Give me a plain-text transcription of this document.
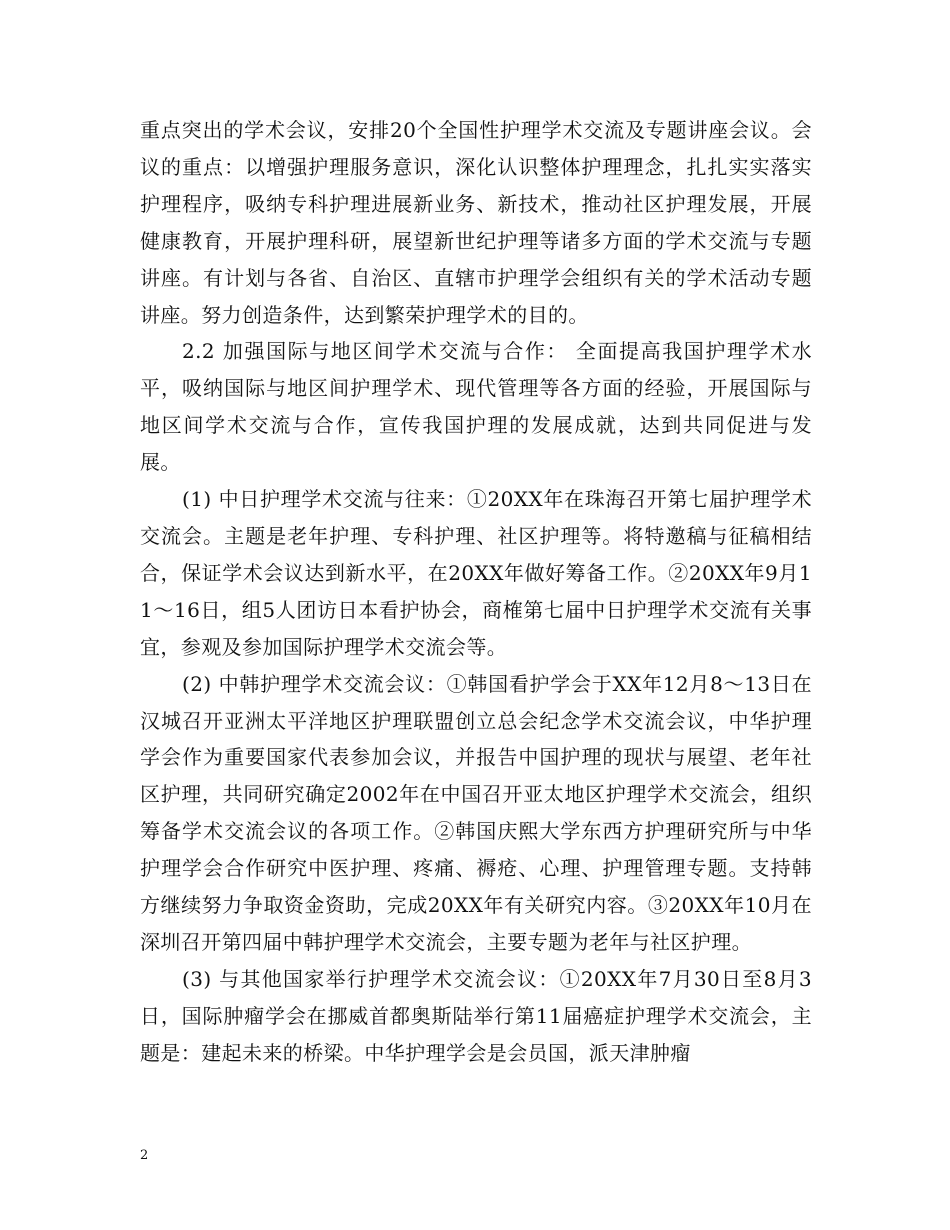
重点突出的学术会议，安排20个全国性护理学术交流及专题讲座会议。会议的重点：以增强护理服务意识，深化认识整体护理理念，扎扎实实落实护理程序，吸纳专科护理进展新业务、新技术，推动社区护理发展，开展健康教育，开展护理科研，展望新世纪护理等诸多方面的学术交流与专题讲座。有计划与各省、自治区、直辖市护理学会组织有关的学术活动专题讲座。努力创造条件，达到繁荣护理学术的目的。

2.2 加强国际与地区间学术交流与合作： 全面提高我国护理学术水平，吸纳国际与地区间护理学术、现代管理等各方面的经验，开展国际与地区间学术交流与合作，宣传我国护理的发展成就，达到共同促进与发展。

(1) 中日护理学术交流与往来：①20XX年在珠海召开第七届护理学术交流会。主题是老年护理、专科护理、社区护理等。将特邀稿与征稿相结合，保证学术会议达到新水平，在20XX年做好筹备工作。②20XX年9月11～16日，组5人团访日本看护协会，商榷第七届中日护理学术交流有关事宜，参观及参加国际护理学术交流会等。

(2) 中韩护理学术交流会议：①韩国看护学会于XX年12月8～13日在汉城召开亚洲太平洋地区护理联盟创立总会纪念学术交流会议，中华护理学会作为重要国家代表参加会议，并报告中国护理的现状与展望、老年社区护理，共同研究确定2002年在中国召开亚太地区护理学术交流会，组织筹备学术交流会议的各项工作。②韩国庆熙大学东西方护理研究所与中华护理学会合作研究中医护理、疼痛、褥疮、心理、护理管理专题。支持韩方继续努力争取资金资助，完成20XX年有关研究内容。③20XX年10月在深圳召开第四届中韩护理学术交流会，主要专题为老年与社区护理。

(3) 与其他国家举行护理学术交流会议：①20XX年7月30日至8月3日，国际肿瘤学会在挪威首都奥斯陆举行第11届癌症护理学术交流会，主题是：建起未来的桥梁。中华护理学会是会员国，派天津肿瘤

2
